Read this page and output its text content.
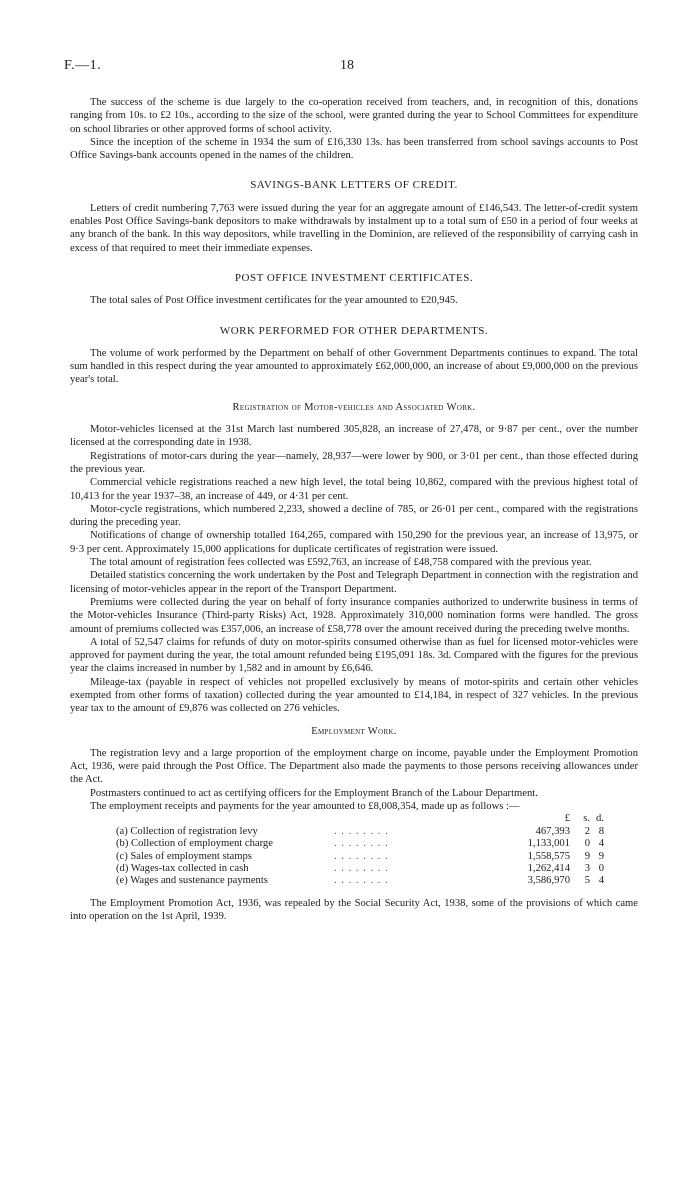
F.—1.	18

The success of the scheme is due largely to the co-operation received from teachers, and, in recognition of this, donations ranging from 10s. to £2 10s., according to the size of the school, were granted during the year to School Committees for expenditure on school libraries or other approved forms of school activity.

Since the inception of the scheme in 1934 the sum of £16,330 13s. has been transferred from school savings accounts to Post Office Savings-bank accounts opened in the names of the children.

SAVINGS-BANK LETTERS OF CREDIT.

Letters of credit numbering 7,763 were issued during the year for an aggregate amount of £146,543. The letter-of-credit system enables Post Office Savings-bank depositors to make withdrawals by instalment up to a total sum of £50 in a period of four weeks at any branch of the bank. In this way depositors, while travelling in the Dominion, are relieved of the responsibility of carrying cash in excess of that required to meet their immediate expenses.

POST OFFICE INVESTMENT CERTIFICATES.

The total sales of Post Office investment certificates for the year amounted to £20,945.

WORK PERFORMED FOR OTHER DEPARTMENTS.

The volume of work performed by the Department on behalf of other Government Departments continues to expand. The total sum handled in this respect during the year amounted to approximately £62,000,000, an increase of about £9,000,000 on the previous year's total.

Registration of Motor-vehicles and Associated Work.

Motor-vehicles licensed at the 31st March last numbered 305,828, an increase of 27,478, or 9·87 per cent., over the number licensed at the corresponding date in 1938.

Registrations of motor-cars during the year—namely, 28,937—were lower by 900, or 3·01 per cent., than those effected during the previous year.

Commercial vehicle registrations reached a new high level, the total being 10,862, compared with the previous highest total of 10,413 for the year 1937–38, an increase of 449, or 4·31 per cent.

Motor-cycle registrations, which numbered 2,233, showed a decline of 785, or 26·01 per cent., compared with the registrations during the preceding year.

Notifications of change of ownership totalled 164,265, compared with 150,290 for the previous year, an increase of 13,975, or 9·3 per cent. Approximately 15,000 applications for duplicate certificates of registration were issued.

The total amount of registration fees collected was £592,763, an increase of £48,758 compared with the previous year.

Detailed statistics concerning the work undertaken by the Post and Telegraph Department in connection with the registration and licensing of motor-vehicles appear in the report of the Transport Department.

Premiums were collected during the year on behalf of forty insurance companies authorized to underwrite business in terms of the Motor-vehicles Insurance (Third-party Risks) Act, 1928. Approximately 310,000 nomination forms were handled. The gross amount of premiums collected was £357,006, an increase of £58,778 over the amount received during the preceding twelve months.

A total of 52,547 claims for refunds of duty on motor-spirits consumed otherwise than as fuel for licensed motor-vehicles were approved for payment during the year, the total amount refunded being £195,091 18s. 3d. Compared with the figures for the previous year the claims increased in number by 1,582 and in amount by £6,646.

Mileage-tax (payable in respect of vehicles not propelled exclusively by means of motor-spirits and certain other vehicles exempted from other forms of taxation) collected during the year amounted to £14,184, in respect of 327 vehicles. In the previous year tax to the amount of £9,876 was collected on 276 vehicles.

Employment Work.

The registration levy and a large proportion of the employment charge on income, payable under the Employment Promotion Act, 1936, were paid through the Post Office. The Department also made the payments to those persons receiving allowances under the Act.

Postmasters continued to act as certifying officers for the Employment Branch of the Labour Department.

The employment receipts and payments for the year amounted to £8,008,354, made up as follows :—

		£	s.	d.
(a) Collection of registration levy	. . . . . . . .	467,393	2	8
(b) Collection of employment charge	. . . . . . . .	1,133,001	0	4
(c) Sales of employment stamps	. . . . . . . .	1,558,575	9	9
(d) Wages-tax collected in cash	. . . . . . . .	1,262,414	3	0
(e) Wages and sustenance payments	. . . . . . . .	3,586,970	5	4

The Employment Promotion Act, 1936, was repealed by the Social Security Act, 1938, some of the provisions of which came into operation on the 1st April, 1939.
